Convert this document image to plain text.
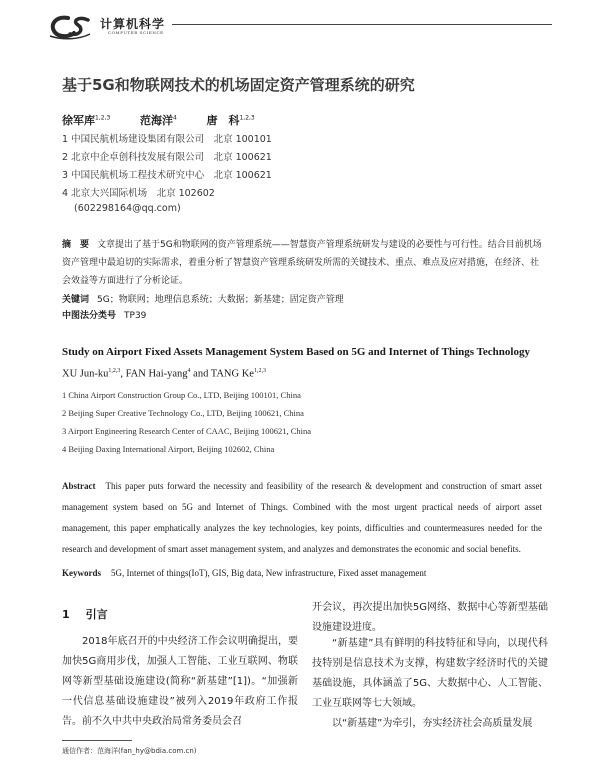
计算机科学
COMPUTER SCIENCE
基于5G和物联网技术的机场固定资产管理系统的研究
徐军库$^{1,2,3}$	范海洋$^4$	唐　科$^{1,2,3}$
1 中国民航机场建设集团有限公司　北京 100101
2 北京中企卓创科技发展有限公司　北京 100621
3 中国民航机场工程技术研究中心　北京 100621
4 北京大兴国际机场　北京 102602
(602298164@qq.com)
摘　要 文章提出了基于5G和物联网的资产管理系统——智慧资产管理系统研发与建设的必要性与可行性。结合目前机场资产管理中最迫切的实际需求，着重分析了智慧资产管理系统研发所需的关键技术、重点、难点及应对措施，在经济、社会效益等方面进行了分析论证。
关键词 5G；物联网；地理信息系统；大数据；新基建；固定资产管理
中图法分类号 TP39
Study on Airport Fixed Assets Management System Based on 5G and Internet of Things Technology
XU Jun-ku$^{1,2,3}$, FAN Hai-yang$^4$ and TANG Ke$^{1,2,3}$
1 China Airport Construction Group Co., LTD, Beijing 100101, China
2 Beijing Super Creative Technology Co., LTD, Beijing 100621, China
3 Airport Engineering Research Center of CAAC, Beijing 100621, China
4 Beijing Daxing International Airport, Beijing 102602, China
Abstract This paper puts forward the necessity and feasibility of the research & development and construction of smart asset management system based on 5G and Internet of Things. Combined with the most urgent practical needs of airport asset management, this paper emphatically analyzes the key technologies, key points, difficulties and countermeasures needed for the research and development of smart asset management system, and analyzes and demonstrates the economic and social benefits.
Keywords 5G, Internet of things(IoT), GIS, Big data, New infrastructure, Fixed asset management
1 引言
2018年底召开的中央经济工作会议明确提出，要加快5G商用步伐，加强人工智能、工业互联网、物联网等新型基础设施建设(简称“新基建”[1])。“加强新一代信息基础设施建设”被列入2019年政府工作报告。前不久中共中央政治局常务委员会召
开会议，再次提出加快5G网络、数据中心等新型基础设施建设进度。
“新基建”具有鲜明的科技特征和导向，以现代科技特别是信息技术为支撑，构建数字经济时代的关键基础设施，具体涵盖了5G、大数据中心、人工智能、工业互联网等七大领域。
以“新基建”为牵引，夯实经济社会高质量发展
通信作者：范海洋(fan_hy@bdia.com.cn)
